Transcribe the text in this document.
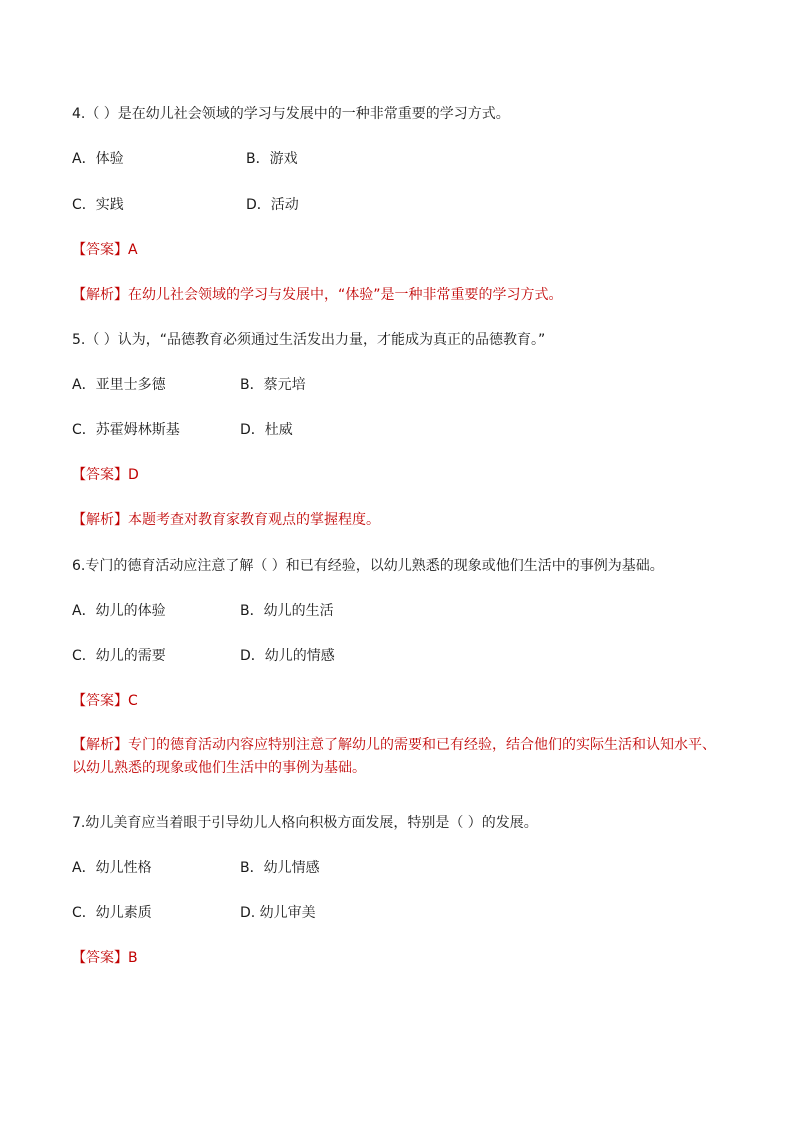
4.（ ）是在幼儿社会领域的学习与发展中的一种非常重要的学习方式。
A．体验	B．游戏
C．实践	D．活动
【答案】A
【解析】在幼儿社会领域的学习与发展中，“体验”是一种非常重要的学习方式。
5.（ ）认为，“品德教育必须通过生活发出力量，才能成为真正的品德教育。”
A．亚里士多德	B．蔡元培
C．苏霍姆林斯基	D．杜威
【答案】D
【解析】本题考查对教育家教育观点的掌握程度。
6.专门的德育活动应注意了解（ ）和已有经验，以幼儿熟悉的现象或他们生活中的事例为基础。
A．幼儿的体验	B．幼儿的生活
C．幼儿的需要	D．幼儿的情感
【答案】C
【解析】专门的德育活动内容应特别注意了解幼儿的需要和已有经验，结合他们的实际生活和认知水平、以幼儿熟悉的现象或他们生活中的事例为基础。
7.幼儿美育应当着眼于引导幼儿人格向积极方面发展，特别是（ ）的发展。
A．幼儿性格	B．幼儿情感
C．幼儿素质	D. 幼儿审美
【答案】B
